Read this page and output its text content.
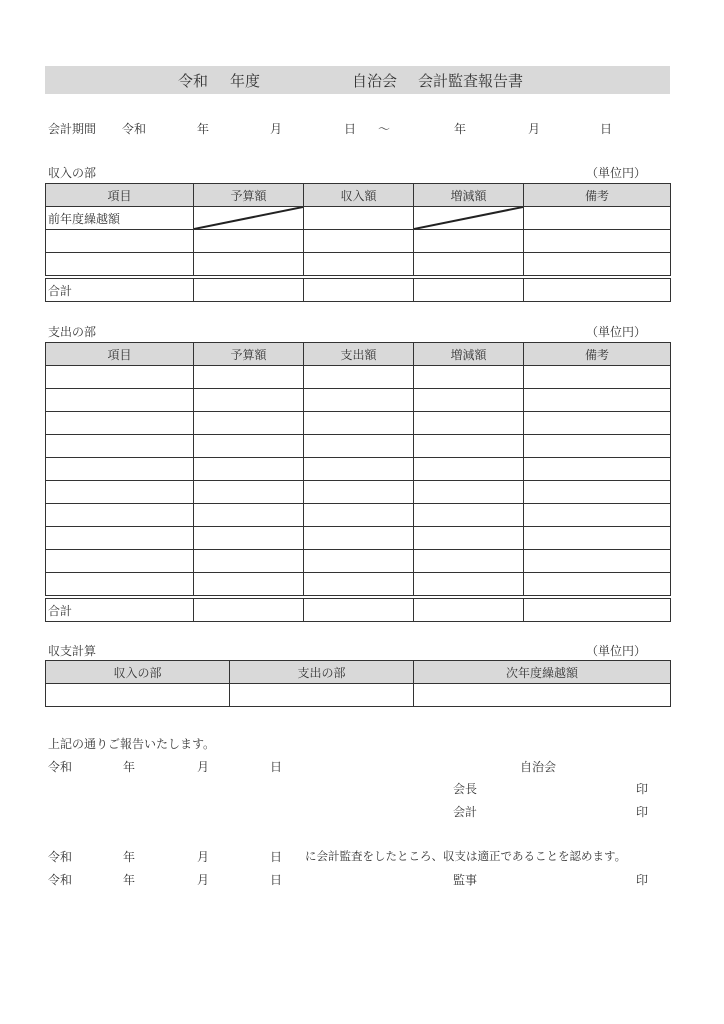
令和 年度	自治会 会計監査報告書
会計期間 令和	年	月	日 〜	年	月	日
収入の部	（単位円）
項目	予算額	収入額	増減額	備考
前年度繰越額	

合計				
支出の部	（単位円）
項目	予算額	支出額	増減額	備考

合計				
収支計算	（単位円）
収入の部	支出の部	次年度繰越額

上記の通りご報告いたします。
令和	年	月	日	自治会
会長	印
会計	印
令和	年	月	日 に会計監査をしたところ、収支は適正であることを認めます。
令和	年	月	日	監事	印
